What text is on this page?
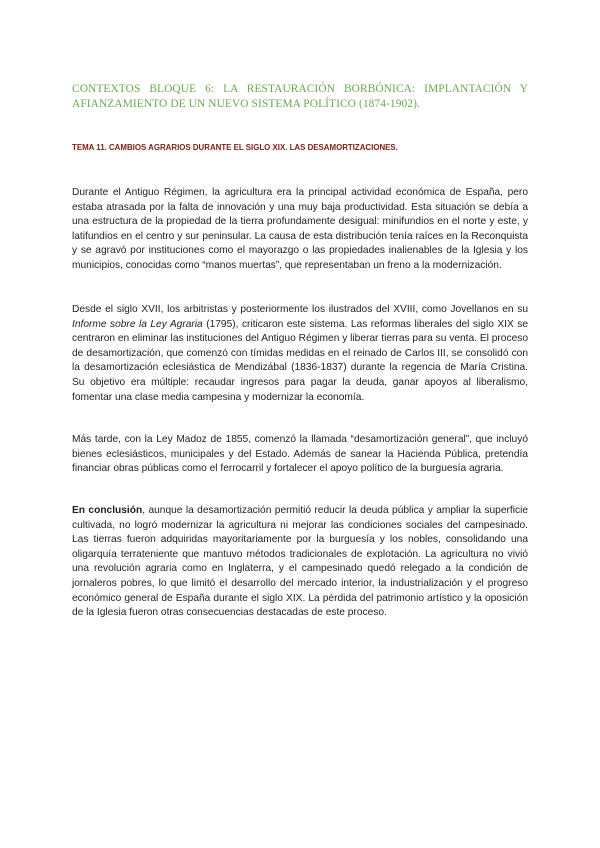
CONTEXTOS BLOQUE 6: LA RESTAURACIÓN BORBÓNICA: IMPLANTACIÓN Y AFIANZAMIENTO DE UN NUEVO SISTEMA POLÍTICO (1874-1902).

TEMA 11. CAMBIOS AGRARIOS DURANTE EL SIGLO XIX. LAS DESAMORTIZACIONES.

Durante el Antiguo Régimen, la agricultura era la principal actividad económica de España, pero estaba atrasada por la falta de innovación y una muy baja productividad. Esta situación se debía a una estructura de la propiedad de la tierra profundamente desigual: minifundios en el norte y este, y latifundios en el centro y sur peninsular. La causa de esta distribución tenía raíces en la Reconquista y se agravó por instituciones como el mayorazgo o las propiedades inalienables de la Iglesia y los municipios, conocidas como “manos muertas”, que representaban un freno a la modernización.

Desde el siglo XVII, los arbitristas y posteriormente los ilustrados del XVIII, como Jovellanos en su Informe sobre la Ley Agraria (1795), criticaron este sistema. Las reformas liberales del siglo XIX se centraron en eliminar las instituciones del Antiguo Régimen y liberar tierras para su venta. El proceso de desamortización, que comenzó con tímidas medidas en el reinado de Carlos III, se consolidó con la desamortización eclesiástica de Mendizábal (1836-1837) durante la regencia de María Cristina. Su objetivo era múltiple: recaudar ingresos para pagar la deuda, ganar apoyos al liberalismo, fomentar una clase media campesina y modernizar la economía.

Más tarde, con la Ley Madoz de 1855, comenzó la llamada “desamortización general”, que incluyó bienes eclesiásticos, municipales y del Estado. Además de sanear la Hacienda Pública, pretendía financiar obras públicas como el ferrocarril y fortalecer el apoyo político de la burguesía agraria.

En conclusión, aunque la desamortización permitió reducir la deuda pública y ampliar la superficie cultivada, no logró modernizar la agricultura ni mejorar las condiciones sociales del campesinado. Las tierras fueron adquiridas mayoritariamente por la burguesía y los nobles, consolidando una oligarquía terrateniente que mantuvo métodos tradicionales de explotación. La agricultura no vivió una revolución agraria como en Inglaterra, y el campesinado quedó relegado a la condición de jornaleros pobres, lo que limitó el desarrollo del mercado interior, la industrialización y el progreso económico general de España durante el siglo XIX. La pérdida del patrimonio artístico y la oposición de la Iglesia fueron otras consecuencias destacadas de este proceso.
